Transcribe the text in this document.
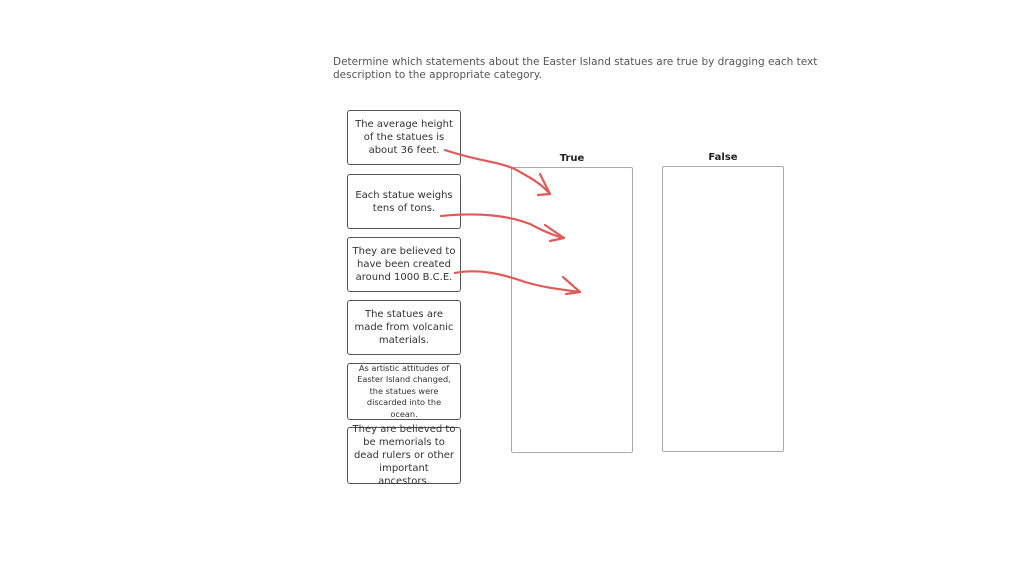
Determine which statements about the Easter Island statues are true by dragging each text description to the appropriate category.
The average height of the statues is about 36 feet.
Each statue weighs tens of tons.
They are believed to have been created around 1000 B.C.E.
The statues are made from volcanic materials.
As artistic attitudes of Easter Island changed, the statues were discarded into the ocean.
They are believed to be memorials to dead rulers or other important ancestors.
True	False
